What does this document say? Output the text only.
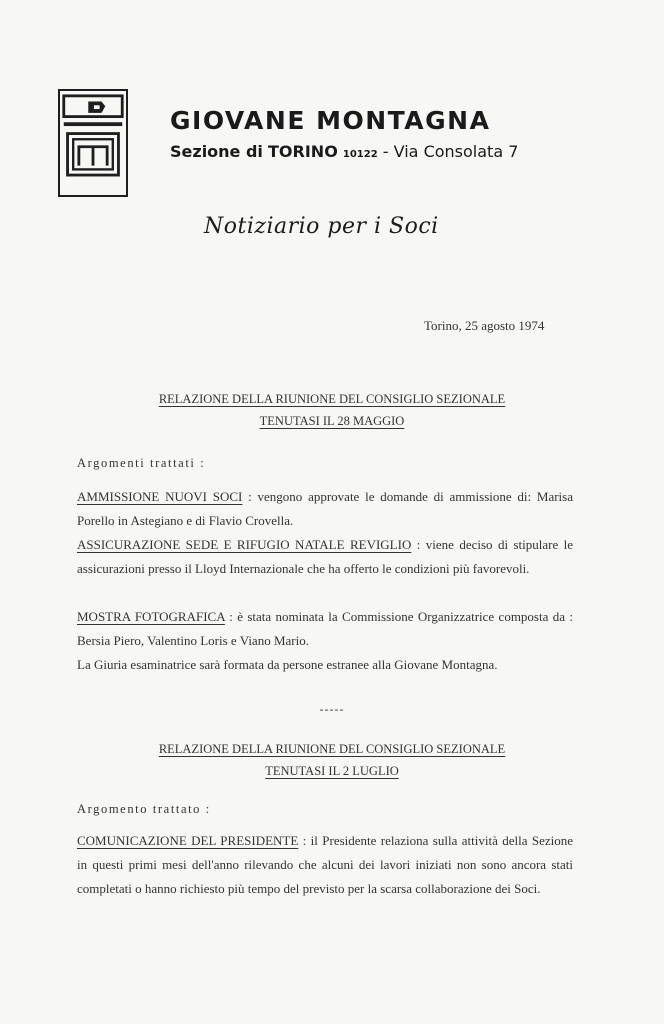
GIOVANE MONTAGNA
Sezione di TORINO 10122 - Via Consolata 7
Notiziario per i Soci
Torino, 25 agosto 1974
RELAZIONE DELLA RIUNIONE DEL CONSIGLIO SEZIONALE
TENUTASI IL 28 MAGGIO
Argomenti trattati :
AMMISSIONE NUOVI SOCI : vengono approvate le domande di ammissione di: Marisa Porello in Astegiano e di Flavio Crovella.
ASSICURAZIONE SEDE E RIFUGIO NATALE REVIGLIO : viene deciso di stipulare le assicurazioni presso il Lloyd Internazionale che ha offerto le condizioni più favorevoli.
MOSTRA FOTOGRAFICA : è stata nominata la Commissione Organizzatrice composta da : Bersia Piero, Valentino Loris e Viano Mario.
La Giuria esaminatrice sarà formata da persone estranee alla Giovane Montagna.
-----
RELAZIONE DELLA RIUNIONE DEL CONSIGLIO SEZIONALE
TENUTASI IL 2 LUGLIO
Argomento trattato :
COMUNICAZIONE DEL PRESIDENTE : il Presidente relaziona sulla attività della Sezione in questi primi mesi dell'anno rilevando che alcuni dei lavori iniziati non sono ancora stati completati o hanno richiesto più tempo del previsto per la scarsa collaborazione dei Soci.
